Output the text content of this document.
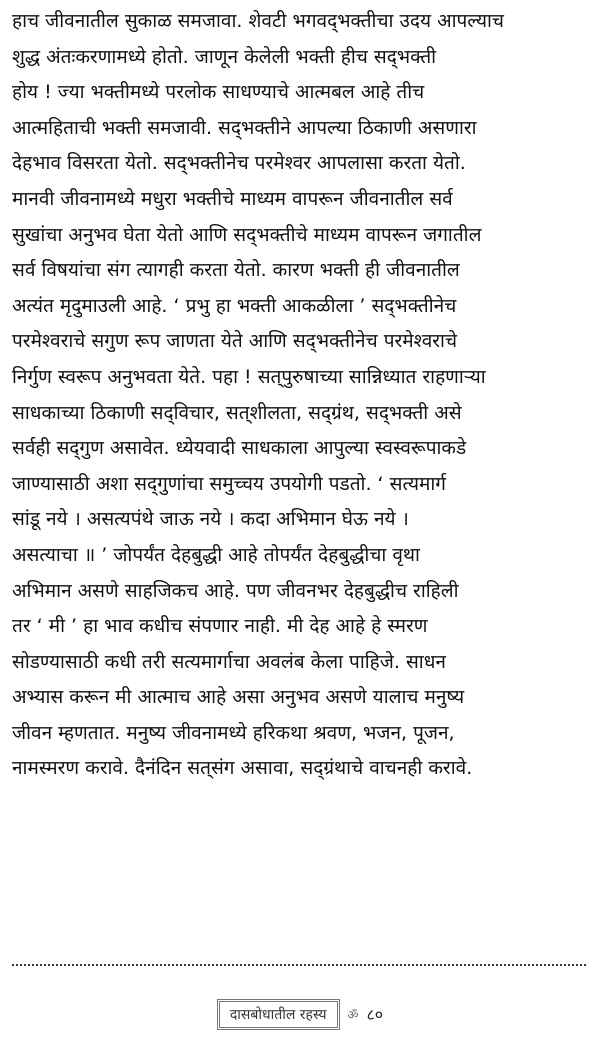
हाच जीवनातील सुकाळ समजावा. शेवटी भगवद्‌भक्तीचा उदय आपल्याच
शुद्ध अंतःकरणामध्ये होतो. जाणून केलेली भक्ती हीच सद्‌भक्ती
होय ! ज्या भक्तीमध्ये परलोक साधण्याचे आत्मबल आहे तीच
आत्महिताची भक्ती समजावी. सद्‌भक्तीने आपल्या ठिकाणी असणारा
देहभाव विसरता येतो. सद्‌भक्तीनेच परमेश्वर आपलासा करता येतो.
मानवी जीवनामध्ये मधुरा भक्तीचे माध्यम वापरून जीवनातील सर्व
सुखांचा अनुभव घेता येतो आणि सद्‌भक्तीचे माध्यम वापरून जगातील
सर्व विषयांचा संग त्यागही करता येतो. कारण भक्ती ही जीवनातील
अत्यंत मृदुमाउली आहे. ‘ प्रभु हा भक्ती आकळीला ’ सद्‌भक्तीनेच
परमेश्वराचे सगुण रूप जाणता येते आणि सद्‌भक्तीनेच परमेश्वराचे
निर्गुण स्वरूप अनुभवता येते. पहा ! सत्‌पुरुषाच्या सान्निध्यात राहणाऱ्या
साधकाच्या ठिकाणी सद्‌विचार, सत्‌शीलता, सद्‌ग्रंथ, सद्‌भक्ती असे
सर्वही सद्‌गुण असावेत. ध्येयवादी साधकाला आपुल्या स्वस्वरूपाकडे
जाण्यासाठी अशा सद्‌गुणांचा समुच्चय उपयोगी पडतो. ‘ सत्यमार्ग
सांडू नये । असत्यपंथे जाऊ नये । कदा अभिमान घेऊ नये ।
असत्याचा ॥ ’ जोपर्यंत देहबुद्धी आहे तोपर्यंत देहबुद्धीचा वृथा
अभिमान असणे साहजिकच आहे. पण जीवनभर देहबुद्धीच राहिली
तर ‘ मी ’ हा भाव कधीच संपणार नाही. मी देह आहे हे स्मरण
सोडण्यासाठी कधी तरी सत्यमार्गाचा अवलंब केला पाहिजे. साधन
अभ्यास करून मी आत्माच आहे असा अनुभव असणे यालाच मनुष्य
जीवन म्हणतात. मनुष्य जीवनामध्ये हरिकथा श्रवण, भजन, पूजन,
नामस्मरण करावे. दैनंदिन सत्‌संग असावा, सद्‌ग्रंथाचे वाचनही करावे.
दासबोधातील रहस्य	ॐ ८०
